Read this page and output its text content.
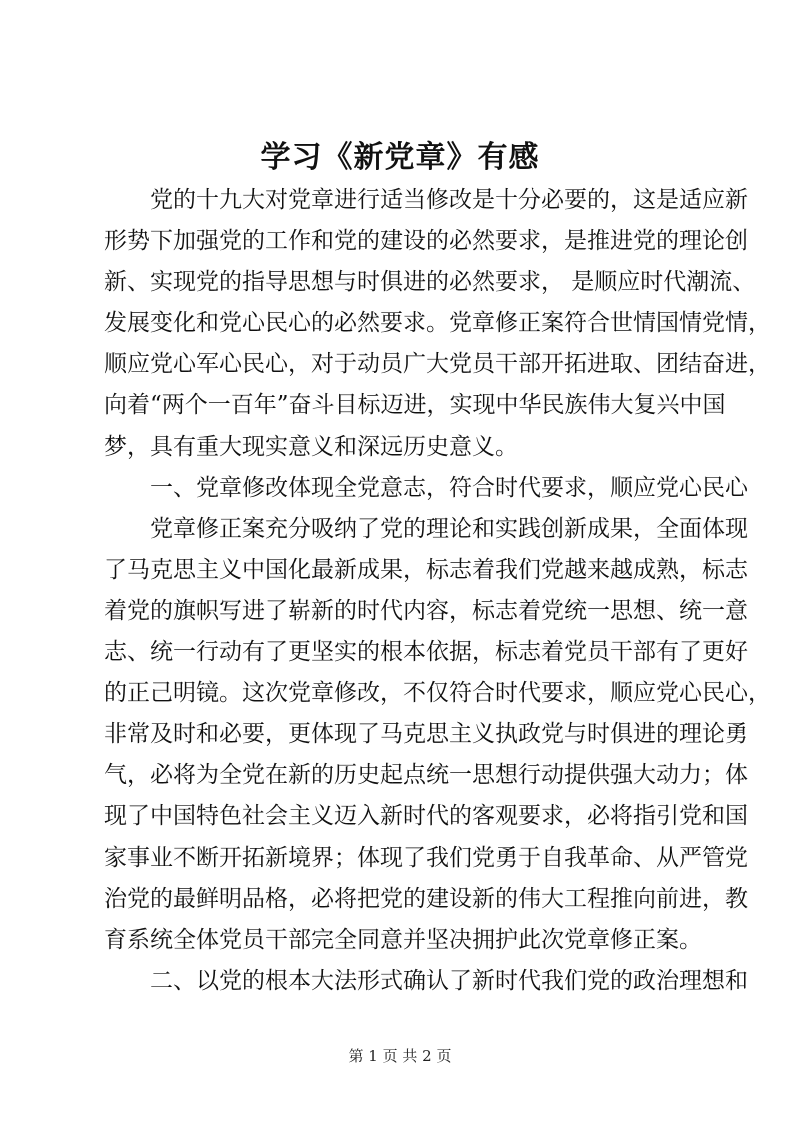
学习《新党章》有感
党的十九大对党章进行适当修改是十分必要的，这是适应新
形势下加强党的工作和党的建设的必然要求，是推进党的理论创
新、实现党的指导思想与时俱进的必然要求， 是顺应时代潮流、
发展变化和党心民心的必然要求。党章修正案符合世情国情党情，
顺应党心军心民心，对于动员广大党员干部开拓进取、团结奋进，
向着“两个一百年”奋斗目标迈进，实现中华民族伟大复兴中国
梦，具有重大现实意义和深远历史意义。
一、党章修改体现全党意志，符合时代要求，顺应党心民心
党章修正案充分吸纳了党的理论和实践创新成果，全面体现
了马克思主义中国化最新成果，标志着我们党越来越成熟，标志
着党的旗帜写进了崭新的时代内容，标志着党统一思想、统一意
志、统一行动有了更坚实的根本依据，标志着党员干部有了更好
的正己明镜。这次党章修改，不仅符合时代要求，顺应党心民心，
非常及时和必要，更体现了马克思主义执政党与时俱进的理论勇
气，必将为全党在新的历史起点统一思想行动提供强大动力；体
现了中国特色社会主义迈入新时代的客观要求，必将指引党和国
家事业不断开拓新境界；体现了我们党勇于自我革命、从严管党
治党的最鲜明品格，必将把党的建设新的伟大工程推向前进，教
育系统全体党员干部完全同意并坚决拥护此次党章修正案。
二、以党的根本大法形式确认了新时代我们党的政治理想和
第 1 页 共 2 页
